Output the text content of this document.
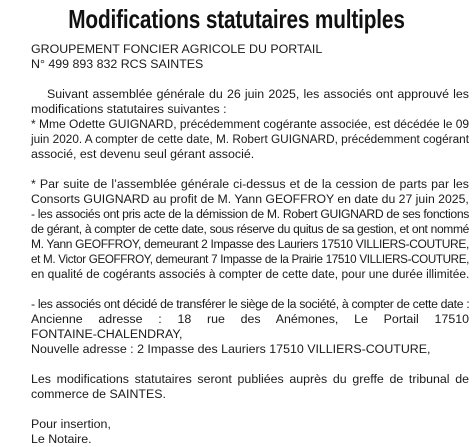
Modifications statutaires multiples
GROUPEMENT FONCIER AGRICOLE DU PORTAIL
N° 499 893 832 RCS SAINTES
Suivant assemblée générale du 26 juin 2025, les associés ont approuvé les
modifications statutaires suivantes :
* Mme Odette GUIGNARD, précédemment cogérante associée, est décédée le 09
juin 2020. A compter de cette date, M. Robert GUIGNARD, précédemment cogérant
associé, est devenu seul gérant associé.
* Par suite de l’assemblée générale ci-dessus et de la cession de parts par les
Consorts GUIGNARD au profit de M. Yann GEOFFROY en date du 27 juin 2025,
- les associés ont pris acte de la démission de M. Robert GUIGNARD de ses fonctions
de gérant, à compter de cette date, sous réserve du quitus de sa gestion, et ont nommé
M. Yann GEOFFROY, demeurant 2 Impasse des Lauriers 17510 VILLIERS-COUTURE,
et M. Victor GEOFFROY, demeurant 7 Impasse de la Prairie 17510 VILLIERS-COUTURE,
en qualité de cogérants associés à compter de cette date, pour une durée illimitée.
- les associés ont décidé de transférer le siège de la société, à compter de cette date :
Ancienne adresse : 18 rue des Anémones, Le Portail 17510
FONTAINE-CHALENDRAY,
Nouvelle adresse : 2 Impasse des Lauriers 17510 VILLIERS-COUTURE,
Les modifications statutaires seront publiées auprès du greffe de tribunal de
commerce de SAINTES.
Pour insertion,
Le Notaire.
